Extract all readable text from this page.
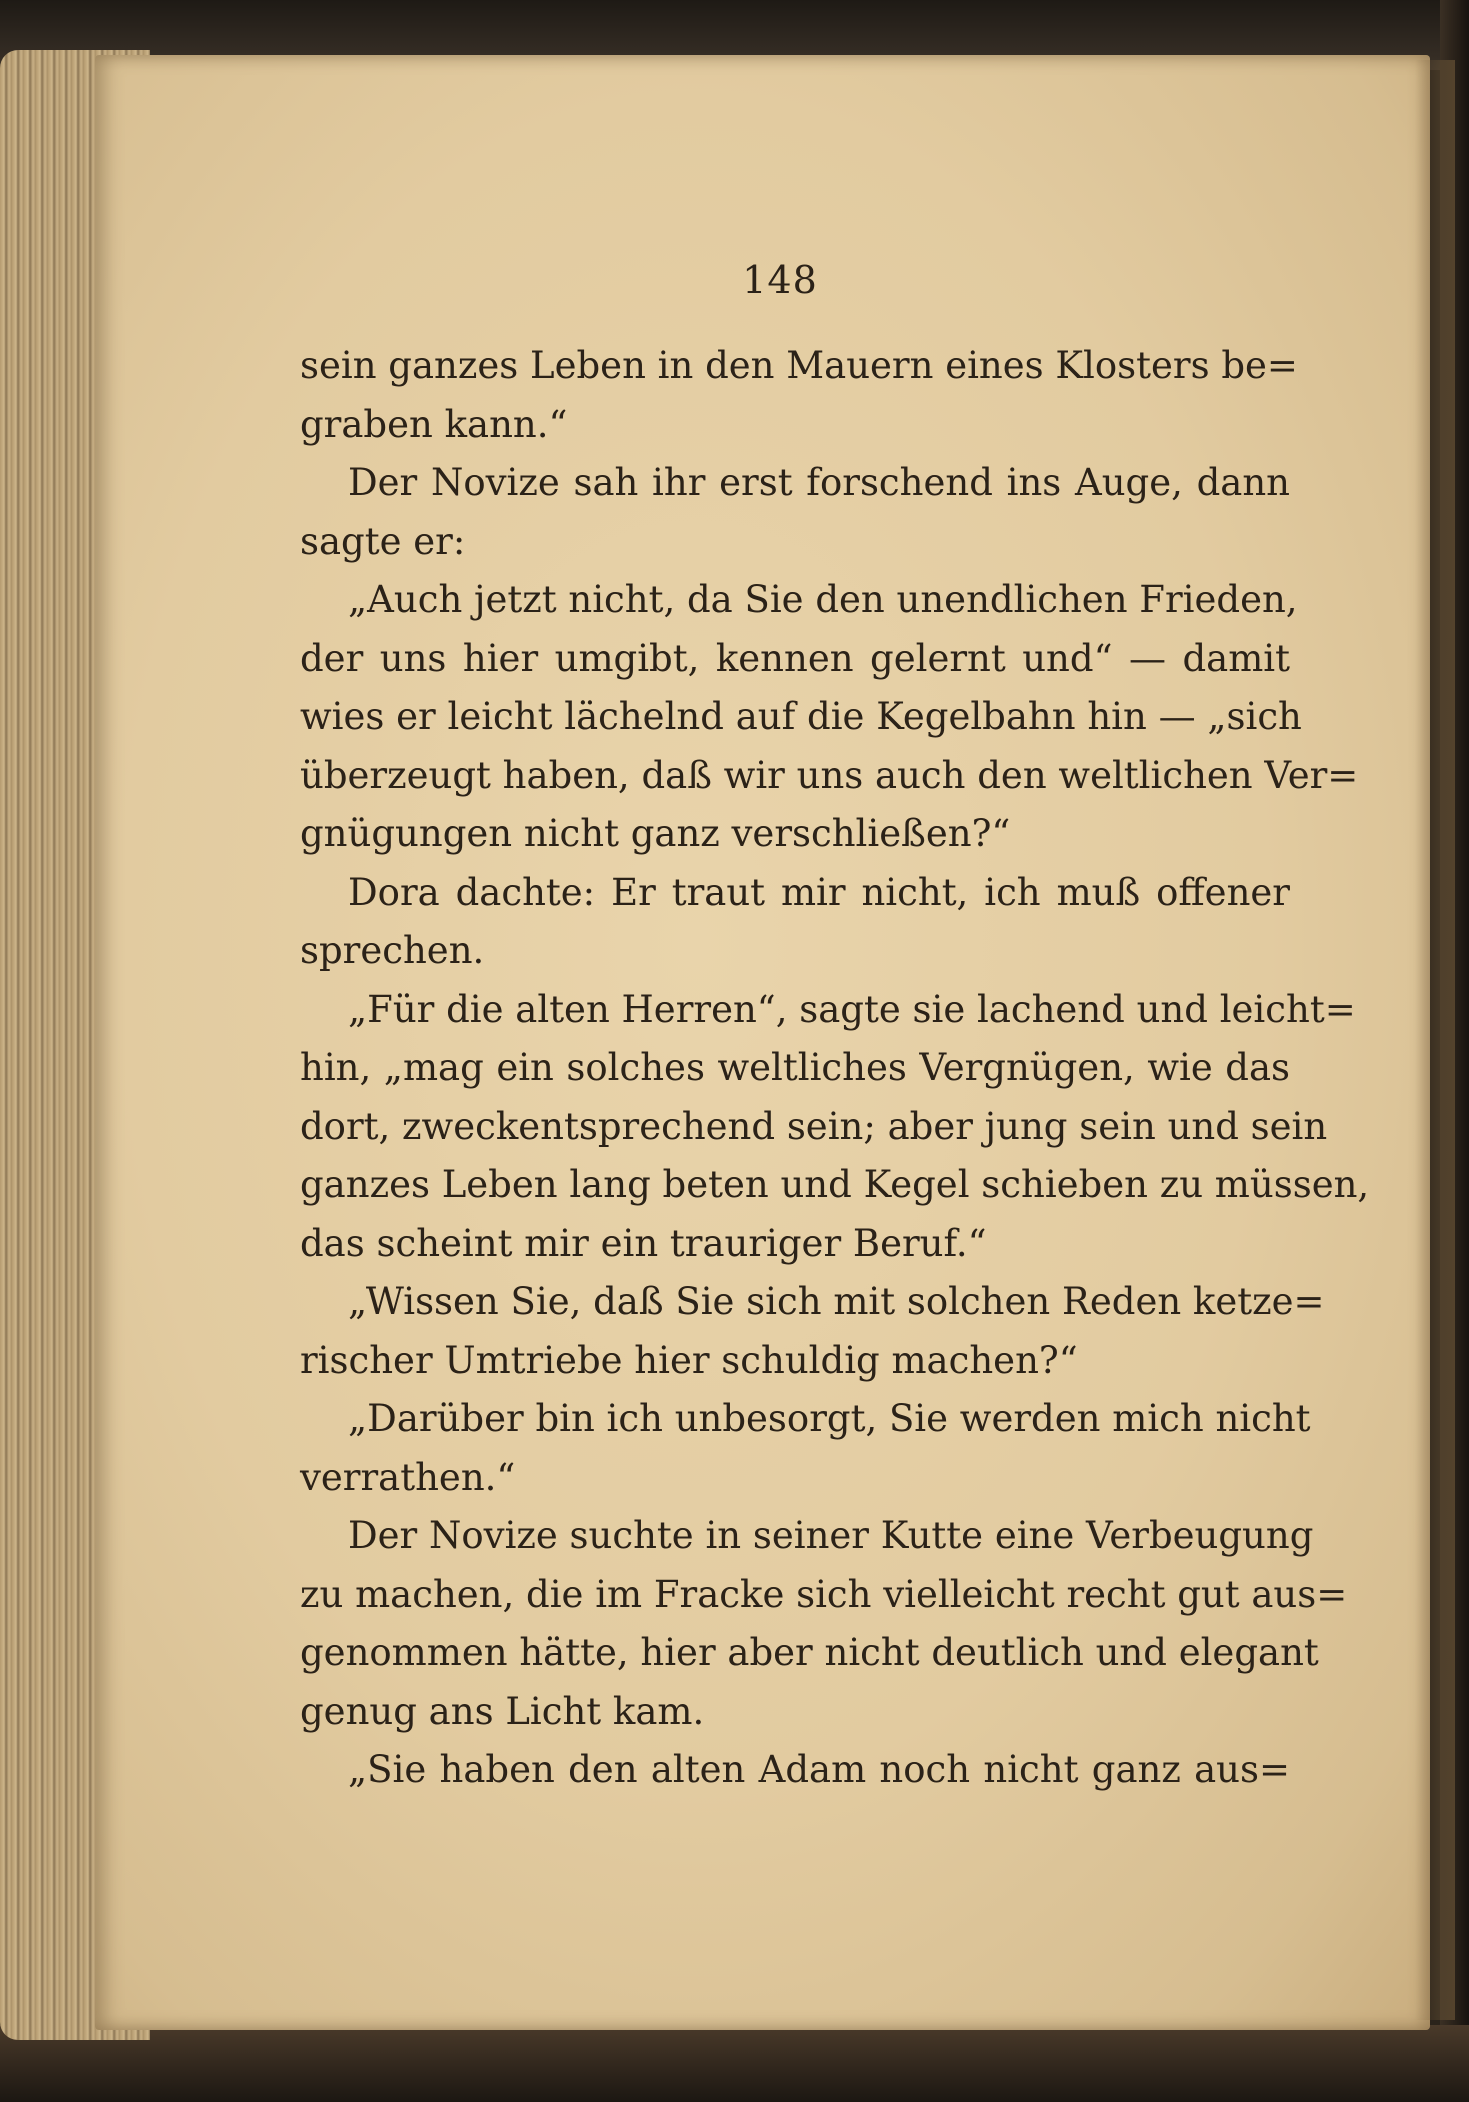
148
sein ganzes Leben in den Mauern eines Klosters be=
graben kann.“
Der Novize sah ihr erst forschend ins Auge, dann
sagte er:
„Auch jetzt nicht, da Sie den unendlichen Frieden,
der uns hier umgibt, kennen gelernt und“ — damit
wies er leicht lächelnd auf die Kegelbahn hin — „sich
überzeugt haben, daß wir uns auch den weltlichen Ver=
gnügungen nicht ganz verschließen?“
Dora dachte: Er traut mir nicht, ich muß offener
sprechen.
„Für die alten Herren“, sagte sie lachend und leicht=
hin, „mag ein solches weltliches Vergnügen, wie das
dort, zweckentsprechend sein; aber jung sein und sein
ganzes Leben lang beten und Kegel schieben zu müssen,
das scheint mir ein trauriger Beruf.“
„Wissen Sie, daß Sie sich mit solchen Reden ketze=
rischer Umtriebe hier schuldig machen?“
„Darüber bin ich unbesorgt, Sie werden mich nicht
verrathen.“
Der Novize suchte in seiner Kutte eine Verbeugung
zu machen, die im Fracke sich vielleicht recht gut aus=
genommen hätte, hier aber nicht deutlich und elegant
genug ans Licht kam.
„Sie haben den alten Adam noch nicht ganz aus=
